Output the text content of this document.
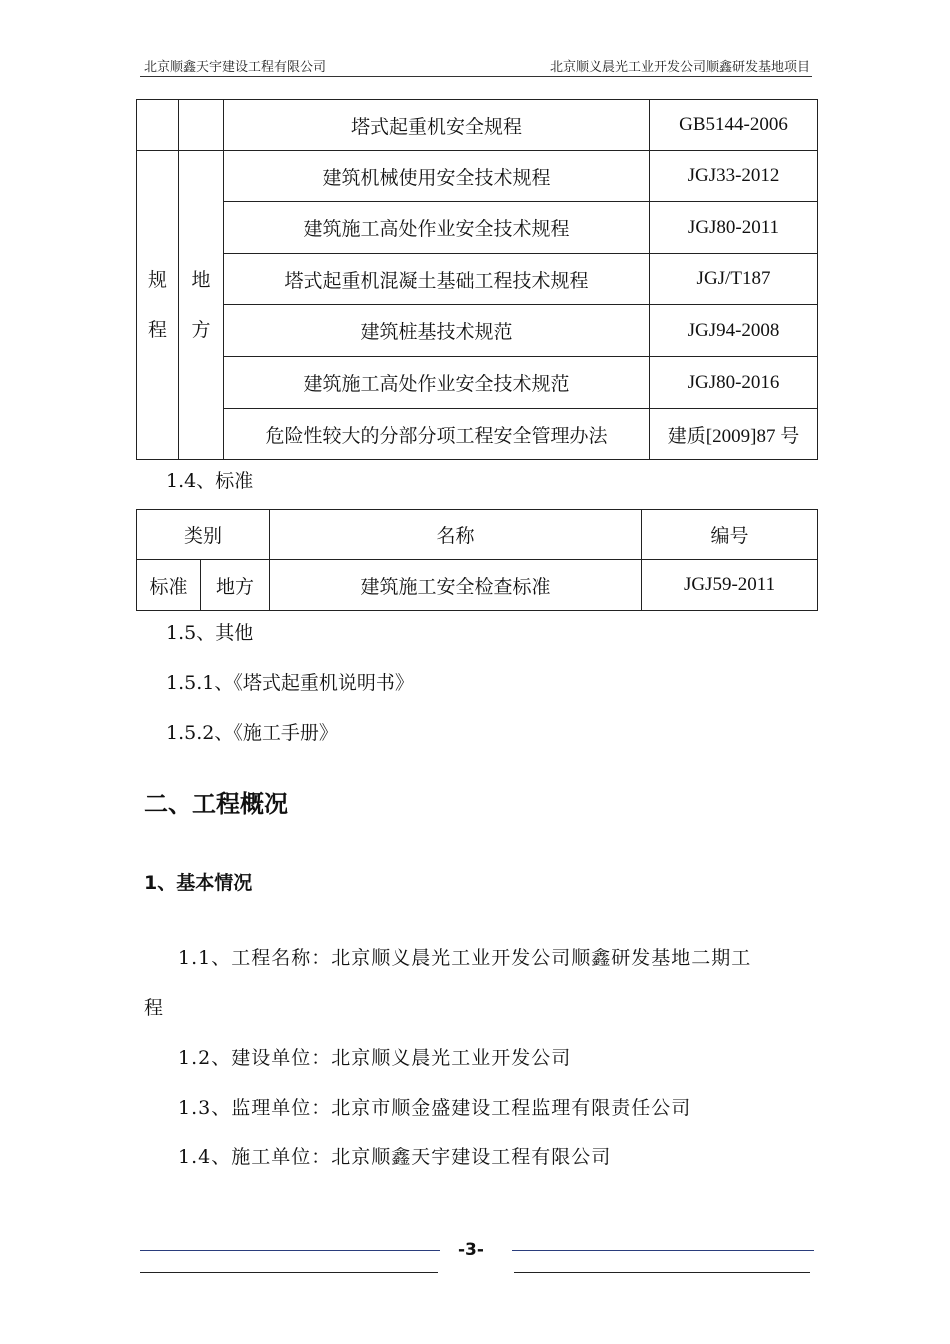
北京顺鑫天宇建设工程有限公司	北京顺义晨光工业开发公司顺鑫研发基地项目
		塔式起重机安全规程	GB5144-2006
规程	地方	建筑机械使用安全技术规程	JGJ33-2012
		建筑施工高处作业安全技术规程	JGJ80-2011
		塔式起重机混凝土基础工程技术规程	JGJ/T187
		建筑桩基技术规范	JGJ94-2008
		建筑施工高处作业安全技术规范	JGJ80-2016
		危险性较大的分部分项工程安全管理办法	建质[2009]87 号
1.4、标准
类别		名称	编号
标准	地方	建筑施工安全检查标准	JGJ59-2011
1.5、其他
1.5.1、《塔式起重机说明书》
1.5.2、《施工手册》
二、工程概况
1、基本情况
1.1、工程名称：北京顺义晨光工业开发公司顺鑫研发基地二期工
程
1.2、建设单位：北京顺义晨光工业开发公司
1.3、监理单位：北京市顺金盛建设工程监理有限责任公司
1.4、施工单位：北京顺鑫天宇建设工程有限公司
-3-
